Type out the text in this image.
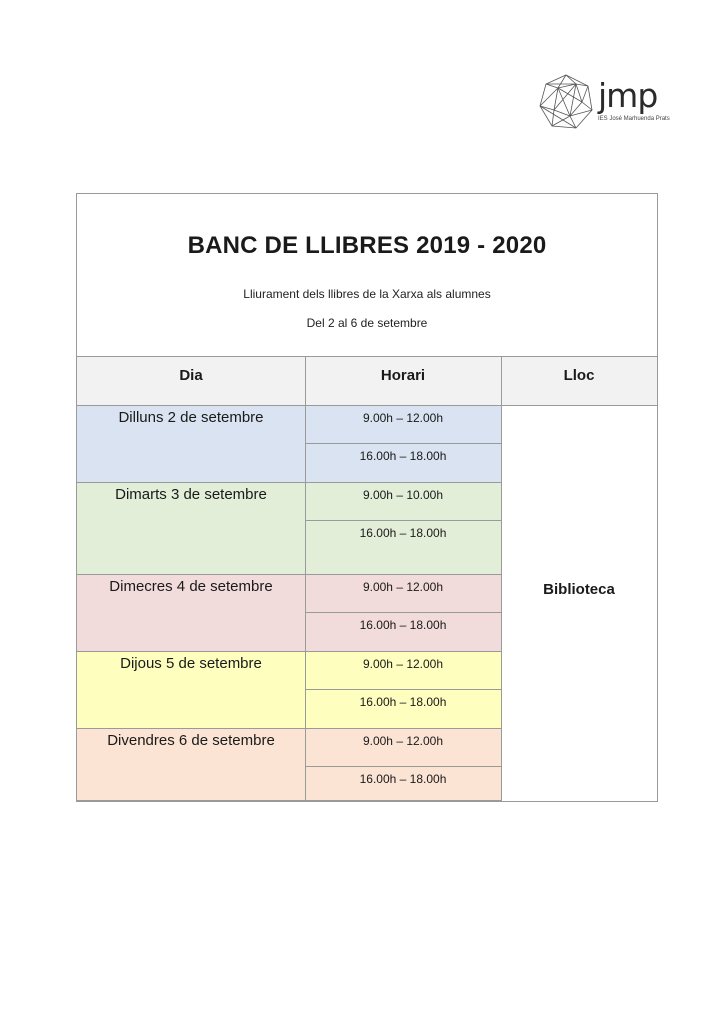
jmp
IES José Marhuenda Prats
BANC DE LLIBRES 2019 - 2020
Lliurament dels llibres de la Xarxa als alumnes
Del 2 al 6 de setembre
Dia	Horari	Lloc
Dilluns 2 de setembre	9.00h – 12.00h
16.00h – 18.00h
Dimarts 3 de setembre	9.00h – 10.00h
16.00h – 18.00h
Dimecres 4 de setembre	9.00h – 12.00h
16.00h – 18.00h
Dijous 5 de setembre	9.00h – 12.00h
16.00h – 18.00h
Divendres 6 de setembre	9.00h – 12.00h
16.00h – 18.00h
Biblioteca
